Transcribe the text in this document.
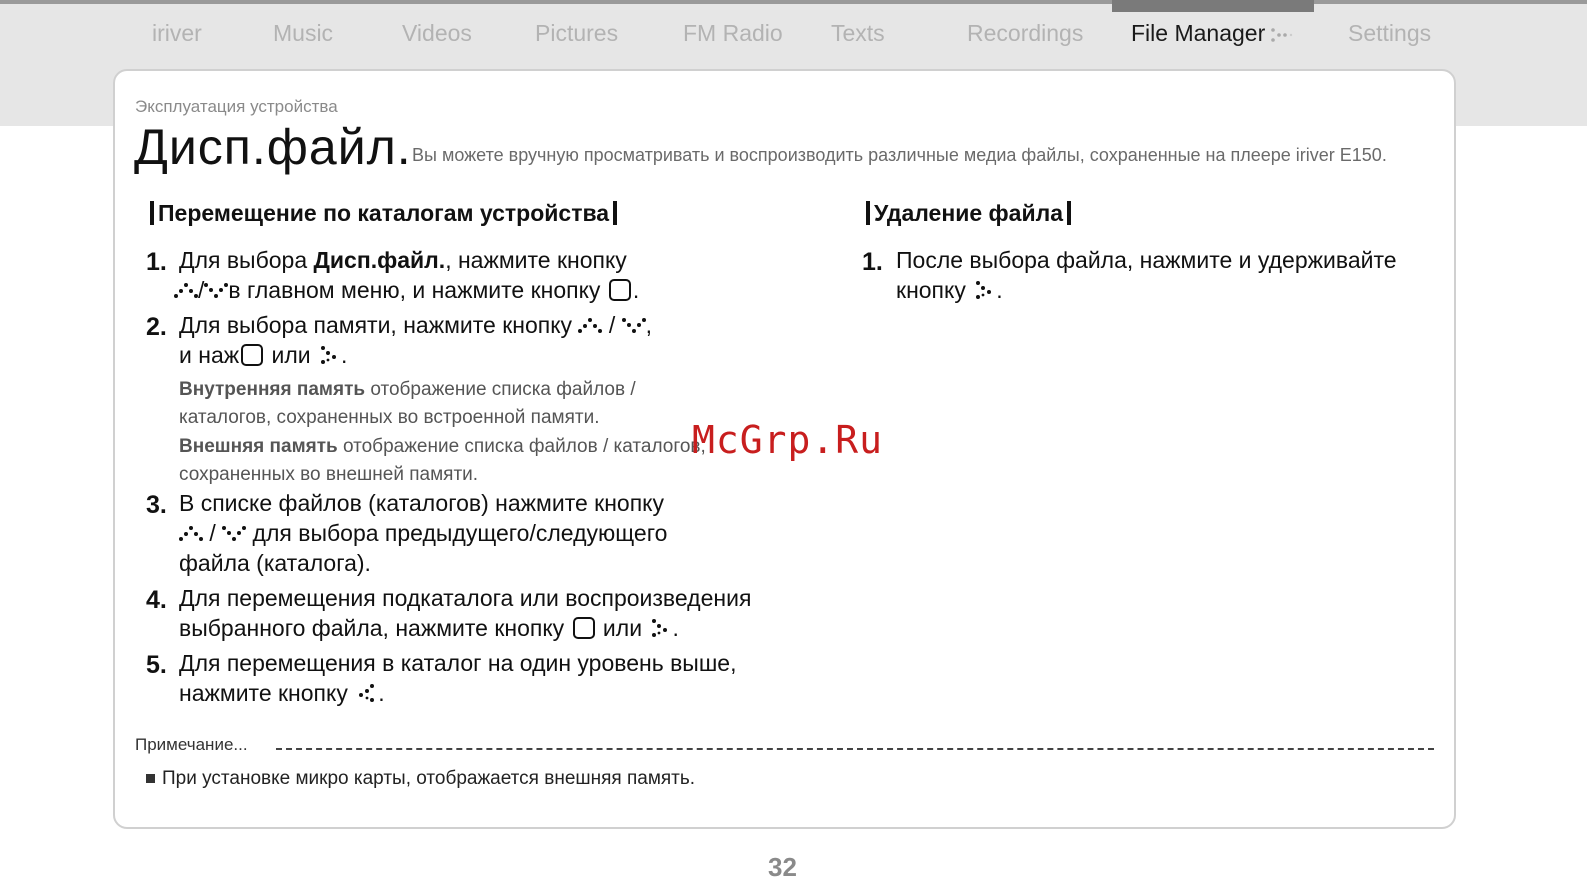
iriver	Music	Videos	Pictures	FM Radio Texts	Recordings File Manager	Settings
Эксплуатация устройства
Дисп.файл. Вы можете вручную просматривать и воспроизводить различные медиа файлы, сохраненные на плеере iriver E150.
Перемещение по каталогам устройства
1. Для выбора Дисп.файл., нажмите кнопку
/ в главном меню, и нажмите кнопку .
2. Для выбора памяти, нажмите кнопку  / ,
и наж или .
Внутренняя память отображение списка файлов /
каталогов, сохраненных во встроенной памяти.
Внешняя память отображение списка файлов / каталогов,
сохраненных во внешней памяти.
3. В списке файлов (каталогов) нажмите кнопку
/  для выбора предыдущего/следующего
файла (каталога).
4. Для перемещения подкаталога или воспроизведения
выбранного файла, нажмите кнопку  или .
5. Для перемещения в каталог на один уровень выше,
нажмите кнопку .
Удаление файла
1. После выбора файла, нажмите и удерживайте
кнопку .
Примечание...
При установке микро карты, отображается внешняя память.
McGrp.Ru
32
